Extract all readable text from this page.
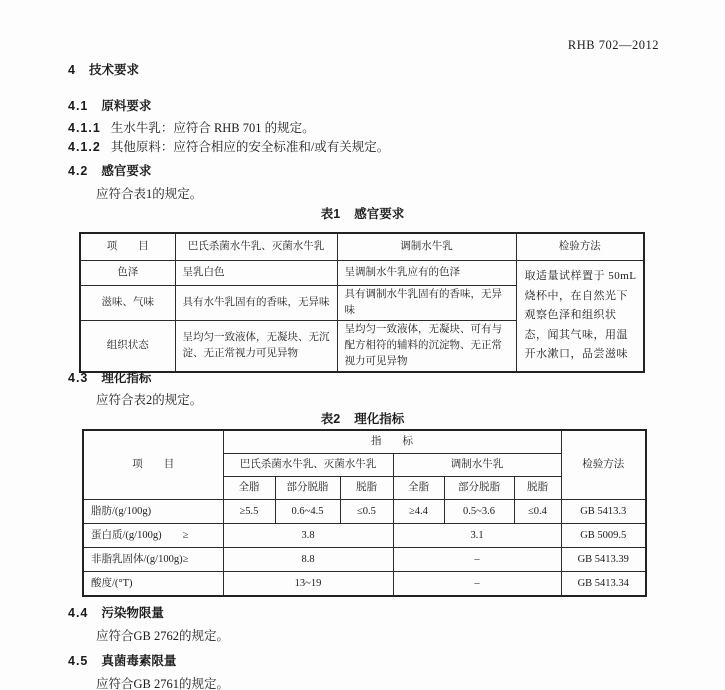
RHB 702—2012
4 技术要求
4.1 原料要求
4.1.1 生水牛乳：应符合 RHB 701 的规定。
4.1.2 其他原料：应符合相应的安全标准和/或有关规定。
4.2 感官要求
应符合表1的规定。
表1 感官要求
项　　目	巴氏杀菌水牛乳、灭菌水牛乳	调制水牛乳	检验方法
色泽	呈乳白色	呈调制水牛乳应有的色泽	取适量试样置于 50mL 烧杯中，在自然光下观察色泽和组织状态，闻其气味，用温开水漱口，品尝滋味
滋味、气味	具有水牛乳固有的香味，无异味	具有调制水牛乳固有的香味，无异味	
组织状态	呈均匀一致液体，无凝块、无沉淀、无正常视力可见异物	呈均匀一致液体，无凝块、可有与配方相符的辅料的沉淀物、无正常视力可见异物	
4.3 理化指标
应符合表2的规定。
表2 理化指标
项　　目	指　　标						检验方法
	巴氏杀菌水牛乳、灭菌水牛乳			调制水牛乳			
	全脂	部分脱脂	脱脂	全脂	部分脱脂	脱脂	
脂肪/(g/100g)	≥5.5	0.6~4.5	≤0.5	≥4.4	0.5~3.6	≤0.4	GB 5413.3
蛋白质/(g/100g)　　≥	3.8			3.1			GB 5009.5
非脂乳固体/(g/100g)≥	8.8			–			GB 5413.39
酸度/(°T)	13~19			–			GB 5413.34
4.4 污染物限量
应符合GB 2762的规定。
4.5 真菌毒素限量
应符合GB 2761的规定。
